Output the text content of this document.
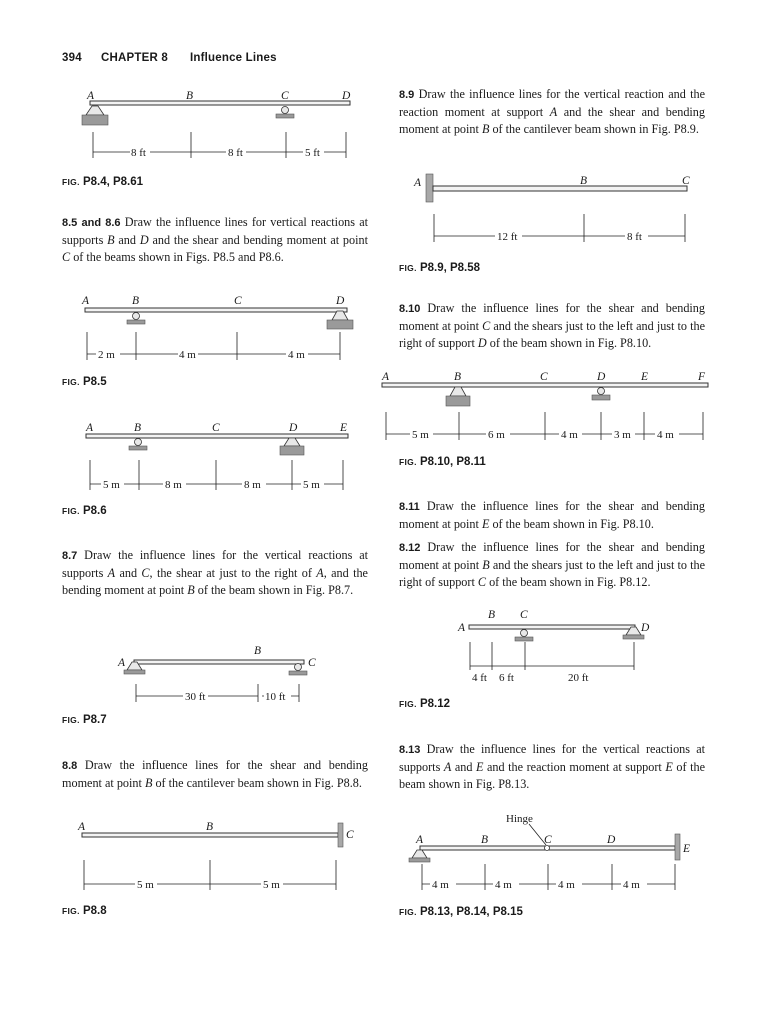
394 CHAPTER 8 Influence Lines
A	B	C	D
8 ft	8 ft	5 ft
FIG. P8.4, P8.61
8.5 and 8.6 Draw the influence lines for vertical reactions at supports B and D and the shear and bending moment at point C of the beams shown in Figs. P8.5 and P8.6.
A	B	C	D
2 m	4 m	4 m
FIG. P8.5
A	B	C	D	E
5 m	8 m	8 m	5 m
FIG. P8.6
8.7 Draw the influence lines for the vertical reactions at supports A and C, the shear at just to the right of A, and the bending moment at point B of the beam shown in Fig. P8.7.
A
B
C
30 ft	10 ft
FIG. P8.7
8.8 Draw the influence lines for the shear and bending moment at point B of the cantilever beam shown in Fig. P8.8.
A	B
C
5 m	5 m
FIG. P8.8
8.9 Draw the influence lines for the vertical reaction and the reaction moment at support A and the shear and bending moment at point B of the cantilever beam shown in Fig. P8.9.
A	B	C
12 ft	8 ft
FIG. P8.9, P8.58
8.10 Draw the influence lines for the shear and bending moment at point C and the shears just to the left and just to the right of support D of the beam shown in Fig. P8.10.
A	B	C	D	E	F
5 m	6 m	4 m	3 m 4 m
FIG. P8.10, P8.11
8.11 Draw the influence lines for the shear and bending moment at point E of the beam shown in Fig. P8.10.
8.12 Draw the influence lines for the shear and bending moment at point B and the shears just to the left and just to the right of support C of the beam shown in Fig. P8.12.
A
B C
D
4 ft 6 ft	20 ft
FIG. P8.12
8.13 Draw the influence lines for the vertical reactions at supports A and E and the reaction moment at support E of the beam shown in Fig. P8.13.
Hinge
A	B	C	D
E
4 m	4 m	4 m	4 m
FIG. P8.13, P8.14, P8.15
